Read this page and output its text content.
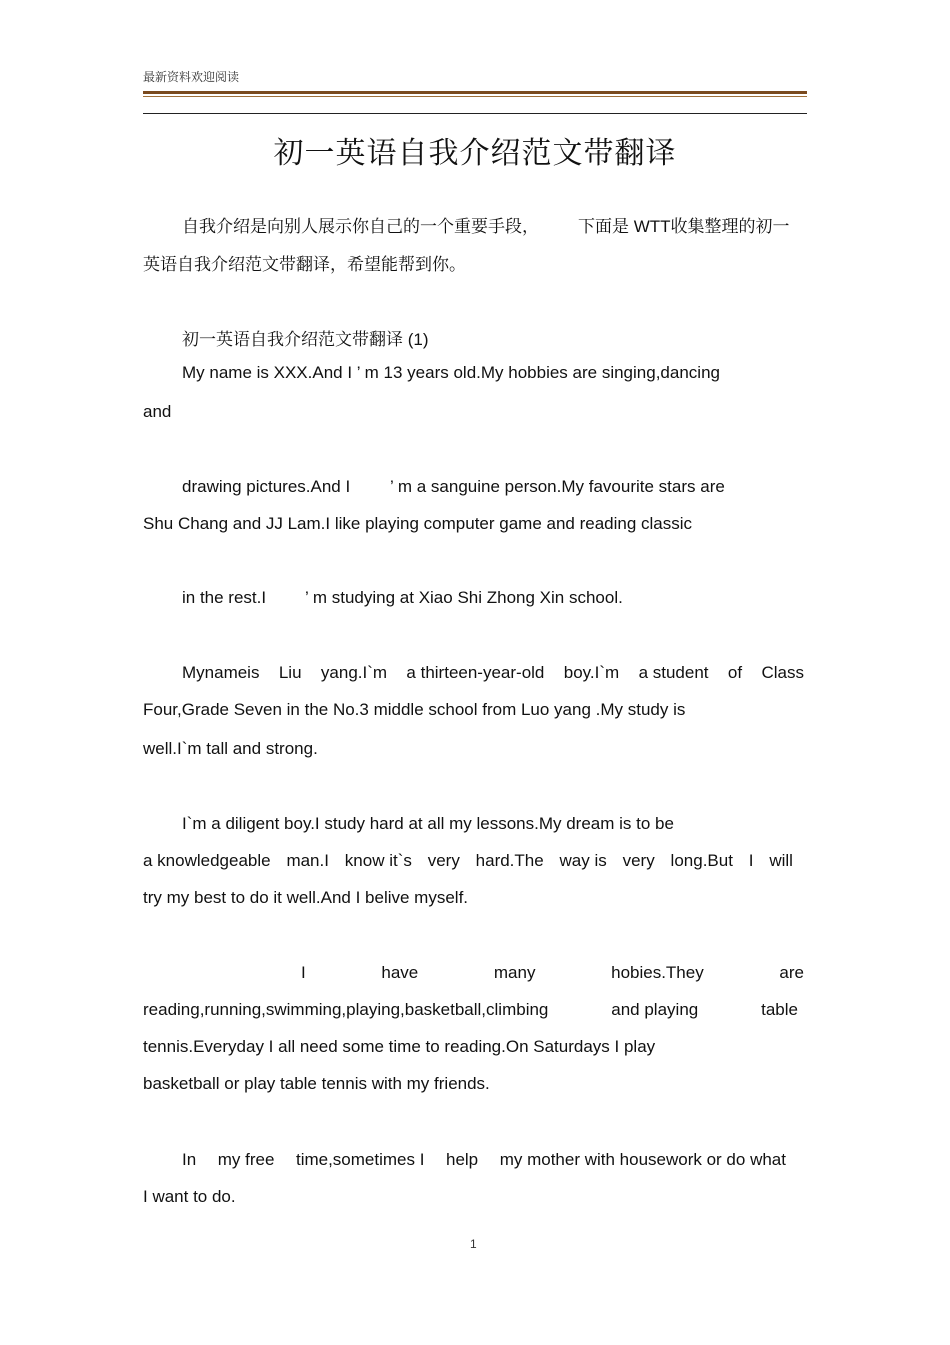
最新资料欢迎阅读
初一英语自我介绍范文带翻译
自我介绍是向别人展示你自己的一个重要手段， 下面是 WTT收集整理的初一
英语自我介绍范文带翻译，希望能帮到你。
初一英语自我介绍范文带翻译 (1)
My name is XXX.And I ’ m 13 years old.My hobbies are singing,dancing
and
drawing pictures.And I ’ m a sanguine person.My favourite stars are
Shu Chang and JJ Lam.I like playing computer game and reading classic
in the rest.I ’ m studying at Xiao Shi Zhong Xin school.
Mynameis Liu yang.I`m a thirteen-year-old boy.I`m a student of Class
Four,Grade Seven in the No.3 middle school from Luo yang .My study is
well.I`m tall and strong.
I`m a diligent boy.I study hard at all my lessons.My dream is to be
a knowledgeable man.I know it`s very hard.The way is very long.But I will
try my best to do it well.And I belive myself.
I	have	many	hobies.They	are
reading,running,swimming,playing,basketball,climbing	and playing	table
tennis.Everyday I all need some time to reading.On Saturdays I play
basketball or play table tennis with my friends.
In my free time,sometimes I help my mother with housework or do what
I want to do.
1
